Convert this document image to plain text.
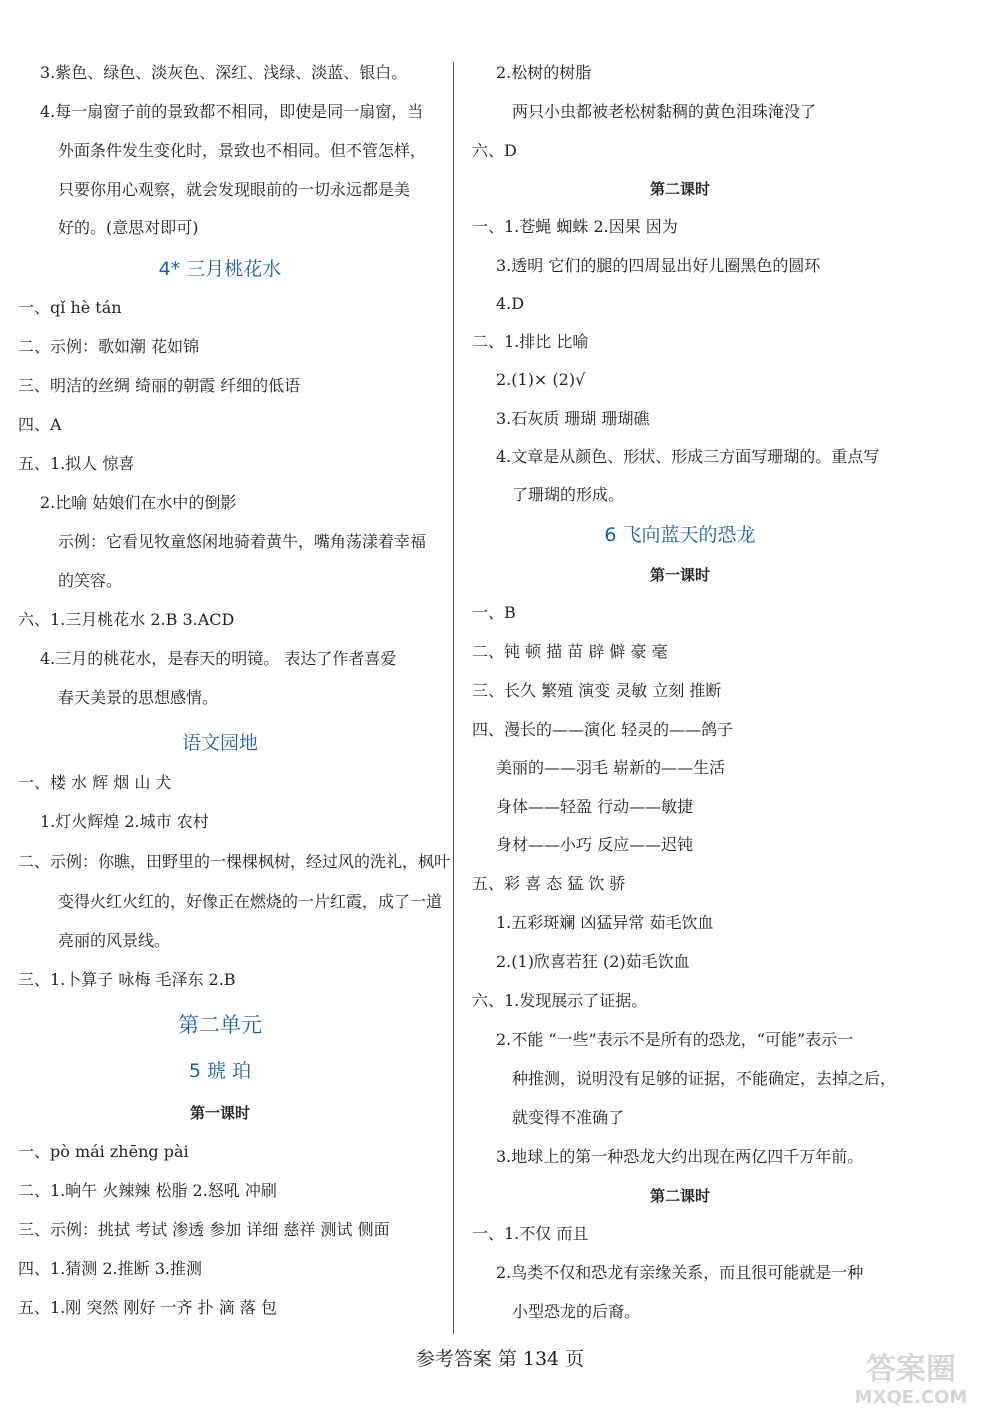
3.紫色、绿色、淡灰色、深红、浅绿、淡蓝、银白。
4.每一扇窗子前的景致都不相同，即使是同一扇窗，当
外面条件发生变化时，景致也不相同。但不管怎样，
只要你用心观察，就会发现眼前的一切永远都是美
好的。(意思对即可)
4* 三月桃花水
一、qǐ hè tán
二、示例：歌如潮 花如锦
三、明洁的丝绸 绮丽的朝霞 纤细的低语
四、A
五、1.拟人 惊喜
2.比喻 姑娘们在水中的倒影
示例：它看见牧童悠闲地骑着黄牛，嘴角荡漾着幸福
的笑容。
六、1.三月桃花水 2.B 3.ACD
4.三月的桃花水，是春天的明镜。 表达了作者喜爱
春天美景的思想感情。
语文园地
一、楼 水 辉 烟 山 犬
1.灯火辉煌 2.城市 农村
二、示例：你瞧，田野里的一棵棵枫树，经过风的洗礼，枫叶
变得火红火红的，好像正在燃烧的一片红霞，成了一道
亮丽的风景线。
三、1.卜算子 咏梅 毛泽东 2.B
第二单元
5 琥 珀
第一课时
一、pò mái zhēng pài
二、1.晌午 火辣辣 松脂 2.怒吼 冲刷
三、示例：挑拭 考试 渗透 参加 详细 慈祥 测试 侧面
四、1.猜测 2.推断 3.推测
五、1.刚 突然 刚好 一齐 扑 滴 落 包
2.松树的树脂
两只小虫都被老松树黏稠的黄色泪珠淹没了
六、D
第二课时
一、1.苍蝇 蜘蛛 2.因果 因为
3.透明 它们的腿的四周显出好儿圈黑色的圆环
4.D
二、1.排比 比喻
2.(1)× (2)√
3.石灰质 珊瑚 珊瑚礁
4.文章是从颜色、形状、形成三方面写珊瑚的。重点写
了珊瑚的形成。
6 飞向蓝天的恐龙
第一课时
一、B
二、钝 顿 描 苗 辟 僻 豪 毫
三、长久 繁殖 演变 灵敏 立刻 推断
四、漫长的——演化 轻灵的——鸽子
美丽的——羽毛 崭新的——生活
身体——轻盈 行动——敏捷
身材——小巧 反应——迟钝
五、彩 喜 态 猛 饮 骄
1.五彩斑斓 凶猛异常 茹毛饮血
2.(1)欣喜若狂 (2)茹毛饮血
六、1.发现展示了证据。
2.不能 “一些”表示不是所有的恐龙，“可能”表示一
种推测，说明没有足够的证据，不能确定，去掉之后，
就变得不准确了
3.地球上的第一种恐龙大约出现在两亿四千万年前。
第二课时
一、1.不仅 而且
2.鸟类不仅和恐龙有亲缘关系，而且很可能就是一种
小型恐龙的后裔。
参考答案 第 134 页	答案圈
MXQE.COM
